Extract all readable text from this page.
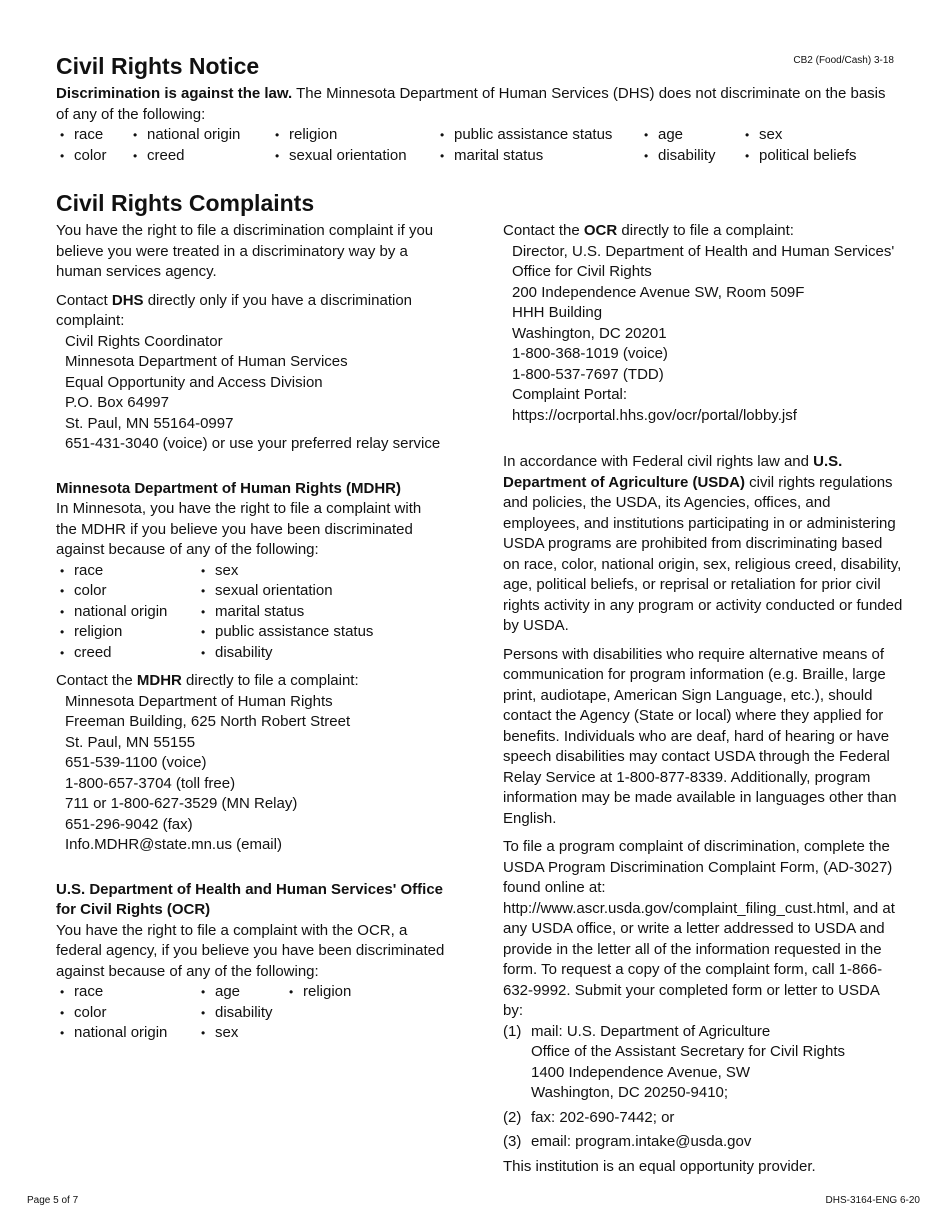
Civil Rights Notice	CB2 (Food/Cash) 3-18
Discrimination is against the law. The Minnesota Department of Human Services (DHS) does not discriminate on the basis of any of the following:
• race
• color
• national origin
• creed
• religion
• sexual orientation
• public assistance status
• marital status
• age
• disability
• sex
• political beliefs
Civil Rights Complaints

You have the right to file a discrimination complaint if you believe you were treated in a discriminatory way by a human services agency.

Contact DHS directly only if you have a discrimination complaint:

Civil Rights Coordinator
Minnesota Department of Human Services
Equal Opportunity and Access Division
P.O. Box 64997
St. Paul, MN 55164-0997
651-431-3040 (voice) or use your preferred relay service
Minnesota Department of Human Rights (MDHR)
In Minnesota, you have the right to file a complaint with the MDHR if you believe you have been discriminated against because of any of the following:
• race
• color
• national origin
• religion
• creed
• sex
• sexual orientation
• marital status
• public assistance status
• disability
Contact the MDHR directly to file a complaint:
Minnesota Department of Human Rights
Freeman Building, 625 North Robert Street
St. Paul, MN 55155
651-539-1100 (voice)
1-800-657-3704 (toll free)
711 or 1-800-627-3529 (MN Relay)
651-296-9042 (fax)
Info.MDHR@state.mn.us (email)
U.S. Department of Health and Human Services' Office for Civil Rights (OCR)
You have the right to file a complaint with the OCR, a federal agency, if you believe you have been discriminated against because of any of the following:
• race
• color
• national origin
• age
• disability
• sex
• religion
Contact the OCR directly to file a complaint:
Director, U.S. Department of Health and Human Services' Office for Civil Rights
200 Independence Avenue SW, Room 509F
HHH Building
Washington, DC 20201
1-800-368-1019 (voice)
1-800-537-7697 (TDD)
Complaint Portal:
https://ocrportal.hhs.gov/ocr/portal/lobby.jsf

In accordance with Federal civil rights law and U.S. Department of Agriculture (USDA) civil rights regulations and policies, the USDA, its Agencies, offices, and employees, and institutions participating in or administering USDA programs are prohibited from discriminating based on race, color, national origin, sex, religious creed, disability, age, political beliefs, or reprisal or retaliation for prior civil rights activity in any program or activity conducted or funded by USDA.

Persons with disabilities who require alternative means of communication for program information (e.g. Braille, large print, audiotape, American Sign Language, etc.), should contact the Agency (State or local) where they applied for benefits. Individuals who are deaf, hard of hearing or have speech disabilities may contact USDA through the Federal Relay Service at 1-800-877-8339. Additionally, program information may be made available in languages other than English.

To file a program complaint of discrimination, complete the USDA Program Discrimination Complaint Form, (AD-3027) found online at: http://www.ascr.usda.gov/complaint_filing_cust.html, and at any USDA office, or write a letter addressed to USDA and provide in the letter all of the information requested in the form. To request a copy of the complaint form, call 1-866- 632-9992. Submit your completed form or letter to USDA by:
(1) mail: U.S. Department of Agriculture
Office of the Assistant Secretary for Civil Rights
1400 Independence Avenue, SW
Washington, DC 20250-9410;
(2) fax: 202-690-7442; or
(3) email: program.intake@usda.gov
This institution is an equal opportunity provider.
Page 5 of 7	DHS-3164-ENG 6-20
